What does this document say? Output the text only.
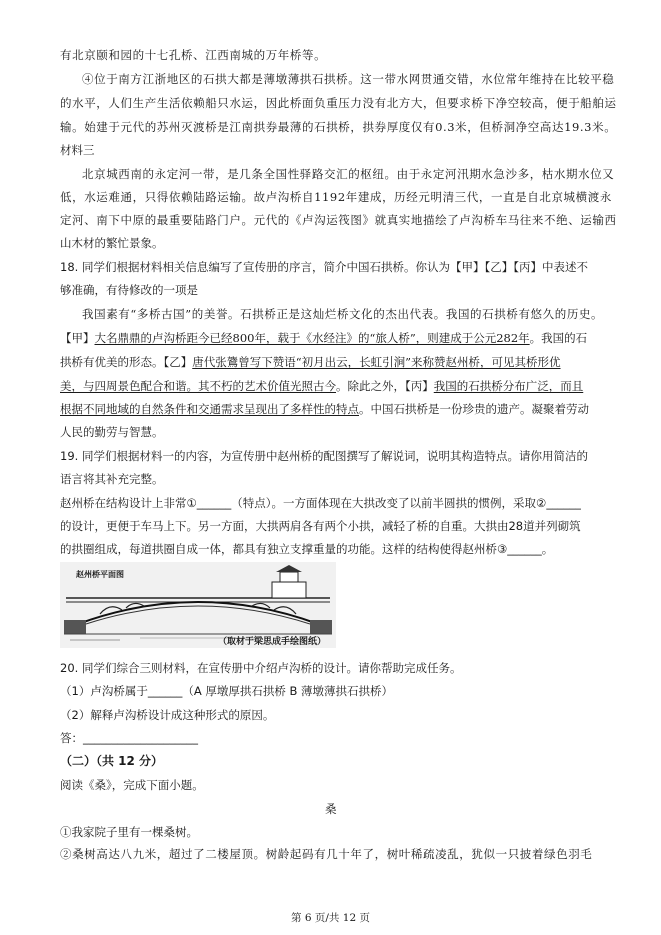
有北京颐和园的十七孔桥、江西南城的万年桥等。
④位于南方江浙地区的石拱大都是薄墩薄拱石拱桥。这一带水网贯通交错，水位常年维持在比较平稳
的水平，人们生产生活依赖船只水运，因此桥面负重压力没有北方大，但要求桥下净空较高，便于船舶运
输。始建于元代的苏州灭渡桥是江南拱券最薄的石拱桥，拱券厚度仅有0.3米，但桥洞净空高达19.3米。
材料三
北京城西南的永定河一带，是几条全国性驿路交汇的枢纽。由于永定河汛期水急沙多，枯水期水位又
低，水运难通，只得依赖陆路运输。故卢沟桥自1192年建成，历经元明清三代，一直是自北京城横渡永
定河、南下中原的最重要陆路门户。元代的《卢沟运筏图》就真实地描绘了卢沟桥车马往来不绝、运输西
山木材的繁忙景象。
18. 同学们根据材料相关信息编写了宣传册的序言，简介中国石拱桥。你认为【甲】【乙】【丙】中表述不
够准确，有待修改的一项是
我国素有“多桥古国”的美誉。石拱桥正是这灿烂桥文化的杰出代表。我国的石拱桥有悠久的历史。
【甲】大名鼎鼎的卢沟桥距今已经800年，载于《水经注》的“旅人桥”，则建成于公元282年。我国的石
拱桥有优美的形态。【乙】唐代张鷟曾写下赞语“初月出云，长虹引涧”来称赞赵州桥，可见其桥形优
美，与四周景色配合和谐。其不朽的艺术价值光照古今。除此之外，【丙】我国的石拱桥分布广泛，而且
根据不同地域的自然条件和交通需求呈现出了多样性的特点。中国石拱桥是一份珍贵的遗产。凝聚着劳动
人民的勤劳与智慧。
19. 同学们根据材料一的内容，为宣传册中赵州桥的配图撰写了解说词，说明其构造特点。请你用简洁的
语言将其补充完整。
赵州桥在结构设计上非常①______（特点）。一方面体现在大拱改变了以前半圆拱的惯例，采取②______
的设计，更便于车马上下。另一方面，大拱两肩各有两个小拱，减轻了桥的自重。大拱由28道并列砌筑
的拱圈组成，每道拱圈自成一体，都具有独立支撑重量的功能。这样的结构使得赵州桥③______。
赵州桥平面图
（取材于梁思成手绘图纸）
20. 同学们综合三则材料，在宣传册中介绍卢沟桥的设计。请你帮助完成任务。
（1）卢沟桥属于______（A 厚墩厚拱石拱桥 B 薄墩薄拱石拱桥）
（2）解释卢沟桥设计成这种形式的原因。
答：____________________
（二）（共 12 分）
阅读《桑》，完成下面小题。
桑
①我家院子里有一棵桑树。
②桑树高达八九米，超过了二楼屋顶。树龄起码有几十年了，树叶稀疏凌乱，犹似一只披着绿色羽毛
第 6 页/共 12 页
